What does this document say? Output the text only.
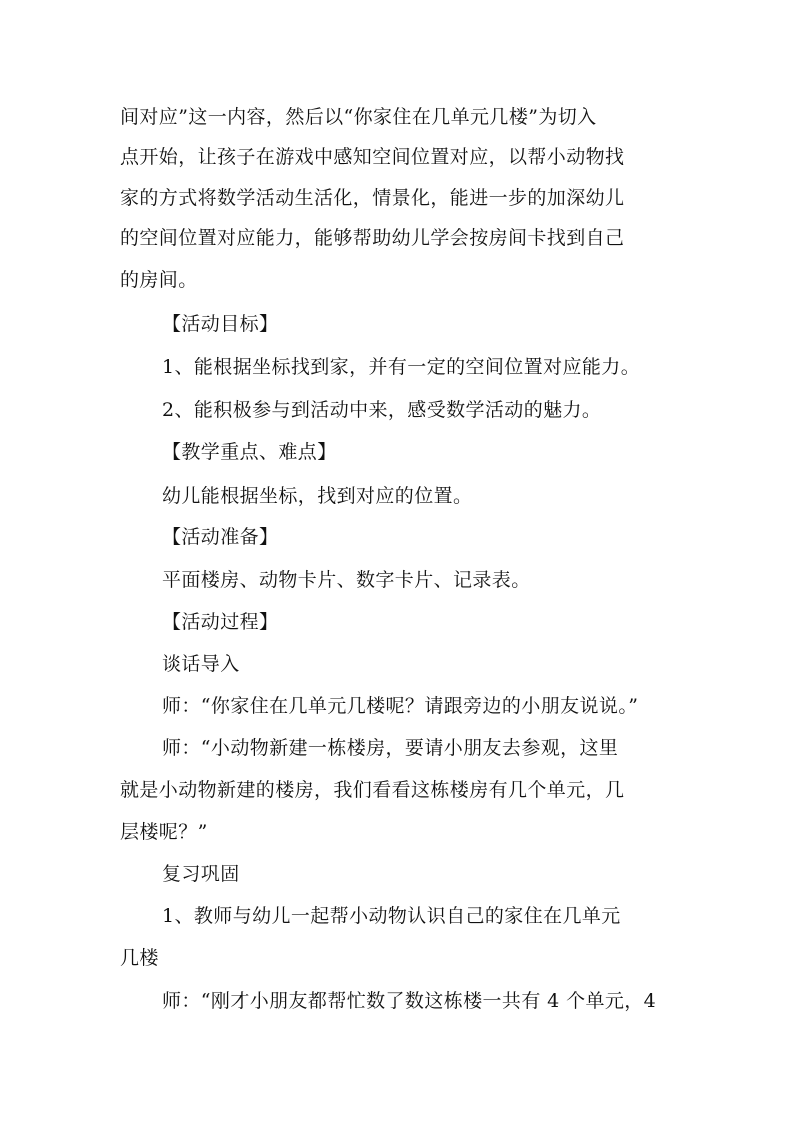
间对应”这一内容，然后以“你家住在几单元几楼”为切入
点开始，让孩子在游戏中感知空间位置对应，以帮小动物找
家的方式将数学活动生活化，情景化，能进一步的加深幼儿
的空间位置对应能力，能够帮助幼儿学会按房间卡找到自己
的房间。
【活动目标】
1、能根据坐标找到家，并有一定的空间位置对应能力。
2、能积极参与到活动中来，感受数学活动的魅力。
【教学重点、难点】
幼儿能根据坐标，找到对应的位置。
【活动准备】
平面楼房、动物卡片、数字卡片、记录表。
【活动过程】
谈话导入
师：“你家住在几单元几楼呢？请跟旁边的小朋友说说。”
师：“小动物新建一栋楼房，要请小朋友去参观，这里
就是小动物新建的楼房，我们看看这栋楼房有几个单元，几
层楼呢？”
复习巩固
1、教师与幼儿一起帮小动物认识自己的家住在几单元
几楼
师：“刚才小朋友都帮忙数了数这栋楼一共有 4 个单元，4
